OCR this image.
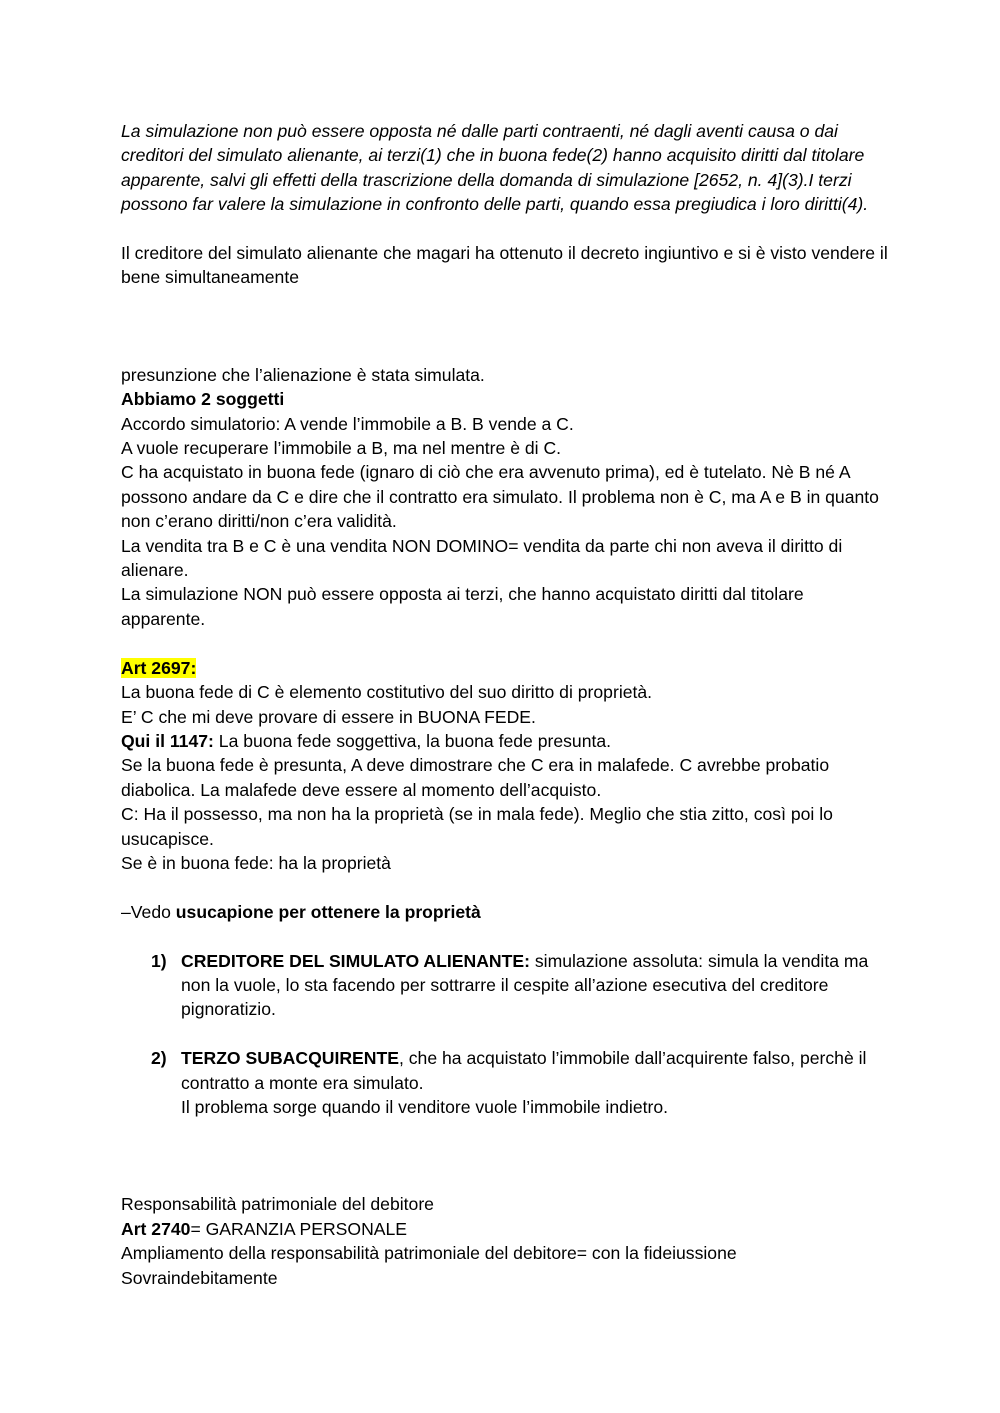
La simulazione non può essere opposta né dalle parti contraenti, né dagli aventi causa o dai creditori del simulato alienante, ai terzi(1) che in buona fede(2) hanno acquisito diritti dal titolare apparente, salvi gli effetti della trascrizione della domanda di simulazione [2652, n. 4](3).I terzi possono far valere la simulazione in confronto delle parti, quando essa pregiudica i loro diritti(4).

Il creditore del simulato alienante che magari ha ottenuto il decreto ingiuntivo e si è visto vendere il bene simultaneamente

presunzione che l’alienazione è stata simulata.

Abbiamo 2 soggetti

Accordo simulatorio: A vende l’immobile a B. B vende a C.

A vuole recuperare l’immobile a B, ma nel mentre è di C.

C ha acquistato in buona fede (ignaro di ciò che era avvenuto prima), ed è tutelato. Nè B né A possono andare da C e dire che il contratto era simulato. Il problema non è C, ma A e B in quanto non c’erano diritti/non c’era validità.

La vendita tra B e C è una vendita NON DOMINO= vendita da parte chi non aveva il diritto di alienare.

La simulazione NON può essere opposta ai terzi, che hanno acquistato diritti dal titolare apparente.

Art 2697:

La buona fede di C è elemento costitutivo del suo diritto di proprietà.

E’ C che mi deve provare di essere in BUONA FEDE.

Qui il 1147: La buona fede soggettiva, la buona fede presunta.

Se la buona fede è presunta, A deve dimostrare che C era in malafede. C avrebbe probatio diabolica. La malafede deve essere al momento dell’acquisto.

C: Ha il possesso, ma non ha la proprietà (se in mala fede). Meglio che stia zitto, così poi lo usucapisce.

Se è in buona fede: ha la proprietà

–Vedo usucapione per ottenere la proprietà

1) CREDITORE DEL SIMULATO ALIENANTE: simulazione assoluta: simula la vendita ma non la vuole, lo sta facendo per sottrarre il cespite all’azione esecutiva del creditore pignoratizio.
2) TERZO SUBACQUIRENTE, che ha acquistato l’immobile dall’acquirente falso, perchè il contratto a monte era simulato.
Il problema sorge quando il venditore vuole l’immobile indietro.

Responsabilità patrimoniale del debitore

Art 2740= GARANZIA PERSONALE

Ampliamento della responsabilità patrimoniale del debitore= con la fideiussione

Sovraindebitamente
